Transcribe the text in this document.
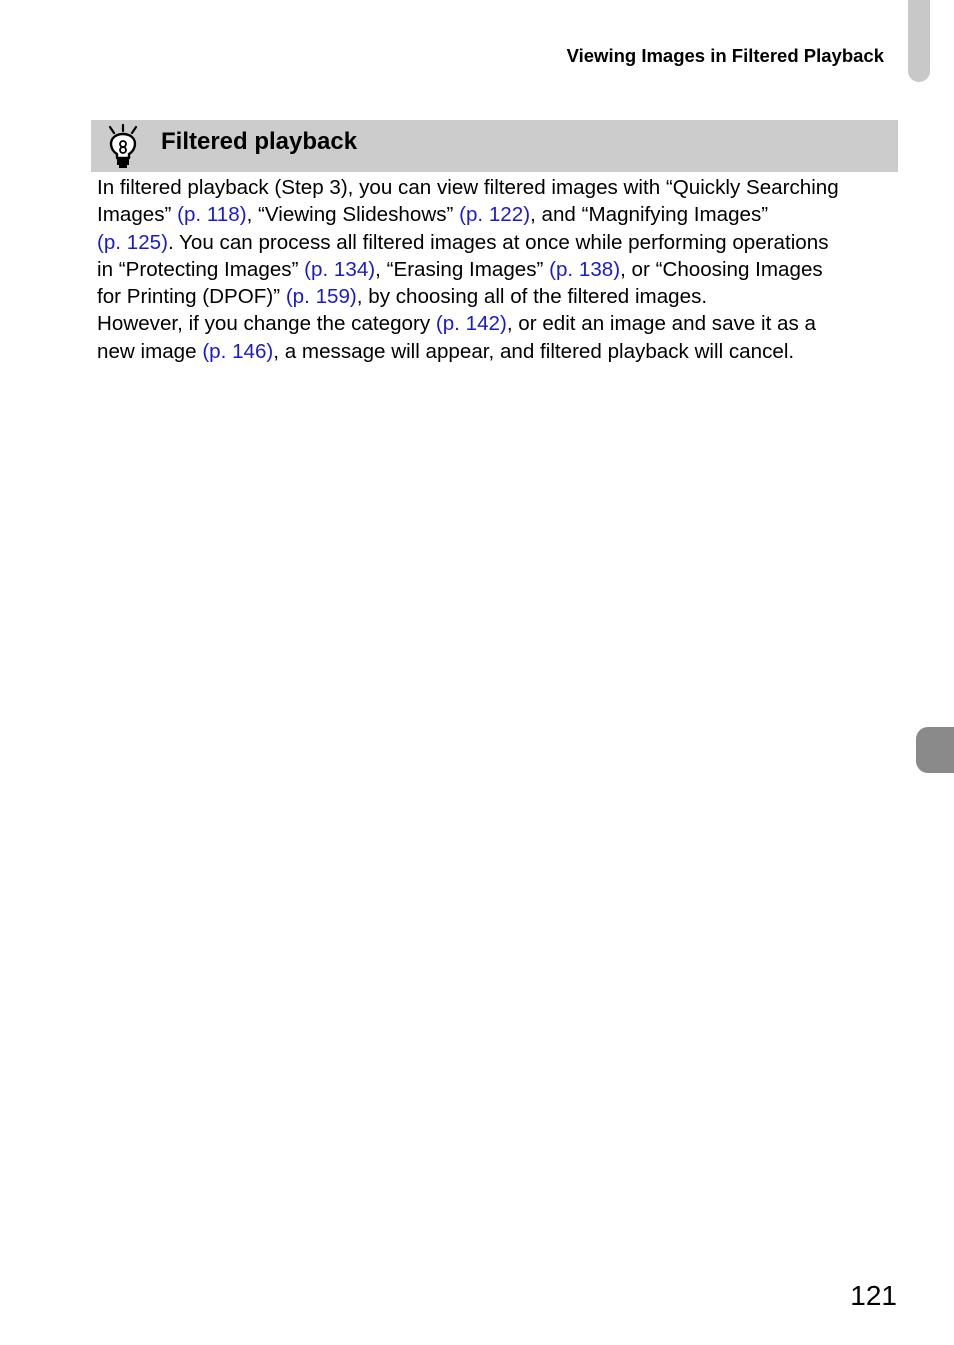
Viewing Images in Filtered Playback
Filtered playback
In filtered playback (Step 3), you can view filtered images with “Quickly Searching
Images” (p. 118), “Viewing Slideshows” (p. 122), and “Magnifying Images”
(p. 125). You can process all filtered images at once while performing operations
in “Protecting Images” (p. 134), “Erasing Images” (p. 138), or “Choosing Images
for Printing (DPOF)” (p. 159), by choosing all of the filtered images.
However, if you change the category (p. 142), or edit an image and save it as a
new image (p. 146), a message will appear, and filtered playback will cancel.
121
